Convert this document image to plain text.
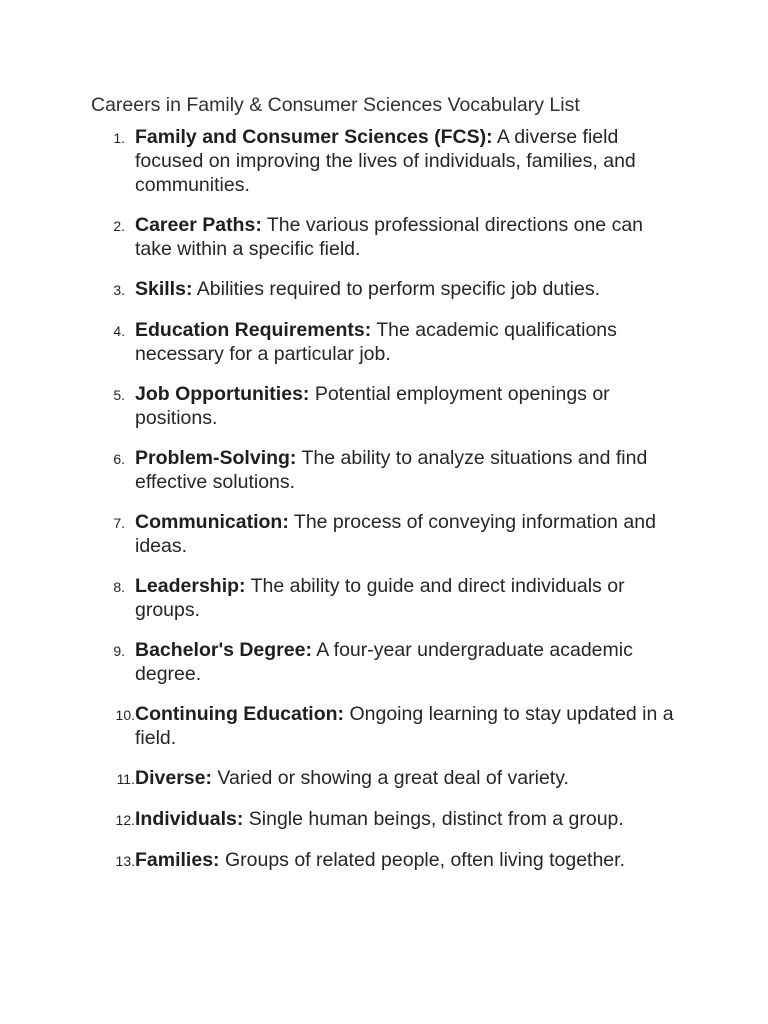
Careers in Family & Consumer Sciences Vocabulary List
1. Family and Consumer Sciences (FCS): A diverse field focused on improving the lives of individuals, families, and communities.
2. Career Paths: The various professional directions one can take within a specific field.
3. Skills: Abilities required to perform specific job duties.
4. Education Requirements: The academic qualifications necessary for a particular job.
5. Job Opportunities: Potential employment openings or positions.
6. Problem-Solving: The ability to analyze situations and find effective solutions.
7. Communication: The process of conveying information and ideas.
8. Leadership: The ability to guide and direct individuals or groups.
9. Bachelor's Degree: A four-year undergraduate academic degree.
10. Continuing Education: Ongoing learning to stay updated in a field.
11. Diverse: Varied or showing a great deal of variety.
12. Individuals: Single human beings, distinct from a group.
13. Families: Groups of related people, often living together.
